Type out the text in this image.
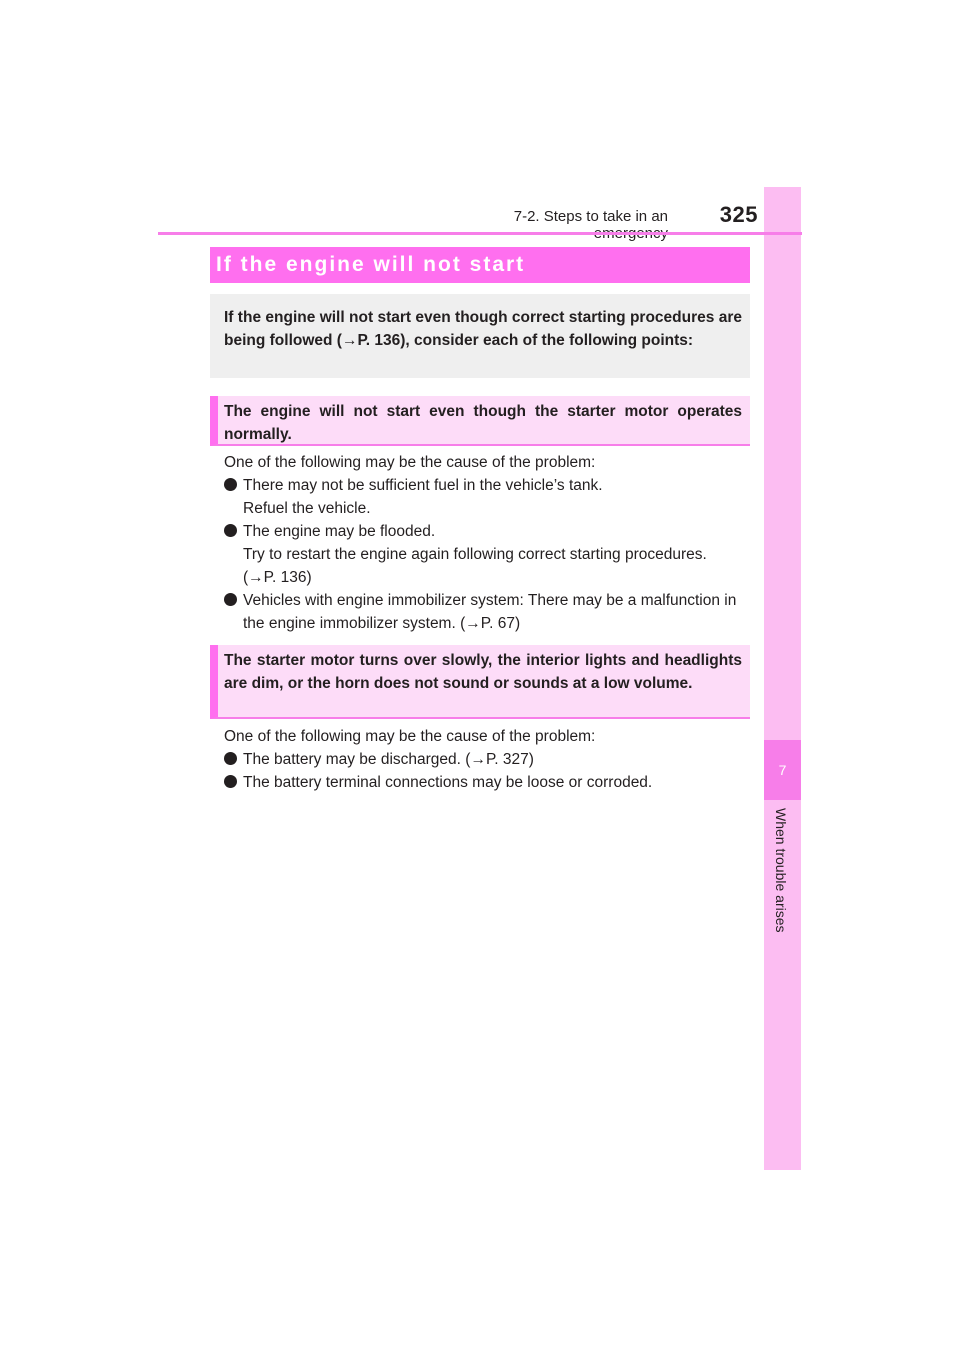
7
When trouble arises
7-2. Steps to take in an	325
If the engine will not start
If the engine will not start even though correct starting procedures are being followed (→P. 136), consider each of the following points:
The engine will not start even though the starter motor operates normally.

One of the following may be the cause of the problem:

There may not be sufficient fuel in the vehicle’s tank.
Refuel the vehicle.
The engine may be flooded.
Try to restart the engine again following correct starting procedures. (→P. 136)
Vehicles with engine immobilizer system: There may be a malfunction in the engine immobilizer system. (→P. 67)
The starter motor turns over slowly, the interior lights and headlights are dim, or the horn does not sound or sounds at a low volume.

One of the following may be the cause of the problem:

The battery may be discharged. (→P. 327)
The battery terminal connections may be loose or corroded.
